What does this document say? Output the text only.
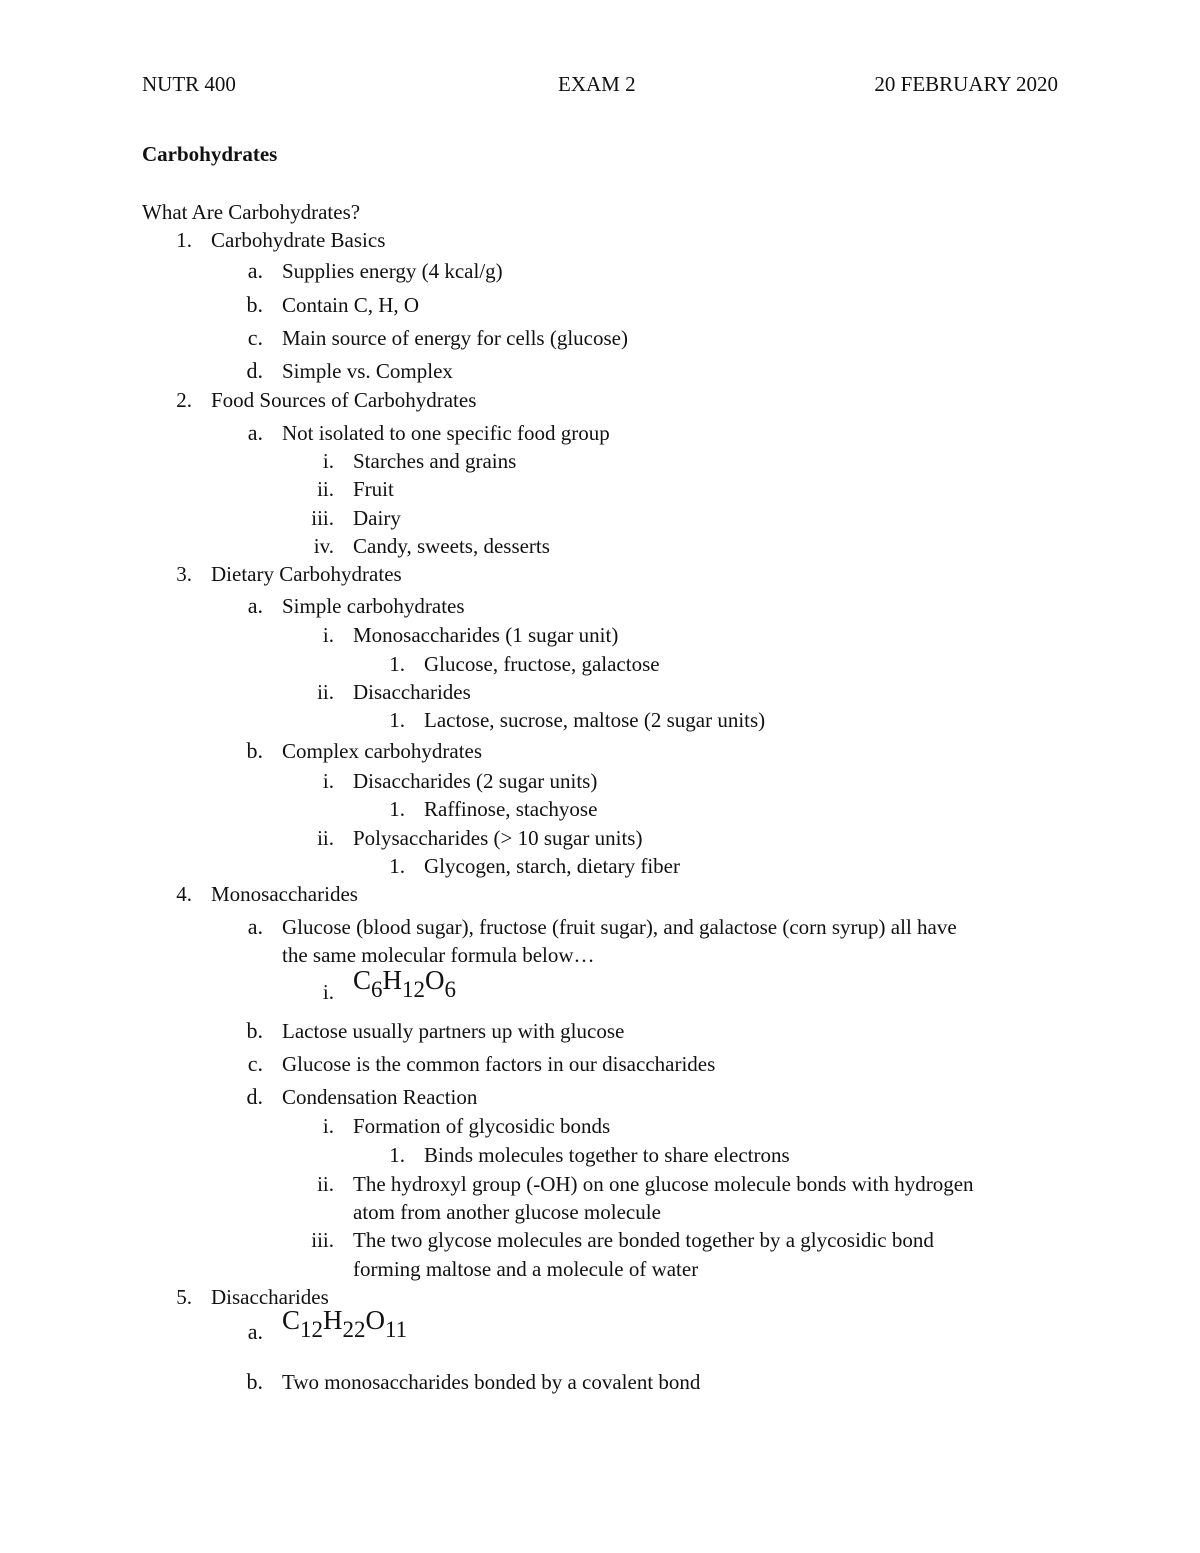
NUTR 400	EXAM 2	20 FEBRUARY 2020
Carbohydrates
What Are Carbohydrates?
1. Carbohydrate Basics
a. Supplies energy (4 kcal/g)
b. Contain C, H, O
c. Main source of energy for cells (glucose)
d. Simple vs. Complex
2. Food Sources of Carbohydrates
a. Not isolated to one specific food group
i. Starches and grains
ii. Fruit
iii. Dairy
iv. Candy, sweets, desserts
3. Dietary Carbohydrates
a. Simple carbohydrates
i. Monosaccharides (1 sugar unit)
1. Glucose, fructose, galactose
ii. Disaccharides
1. Lactose, sucrose, maltose (2 sugar units)
b. Complex carbohydrates
i. Disaccharides (2 sugar units)
1. Raffinose, stachyose
ii. Polysaccharides (> 10 sugar units)
1. Glycogen, starch, dietary fiber
4. Monosaccharides
a. Glucose (blood sugar), fructose (fruit sugar), and galactose (corn syrup) all have
the same molecular formula below…
i. $C_6H_{12}O_6$
b. Lactose usually partners up with glucose
c. Glucose is the common factors in our disaccharides
d. Condensation Reaction
i. Formation of glycosidic bonds
1. Binds molecules together to share electrons
ii. The hydroxyl group (-OH) on one glucose molecule bonds with hydrogen
atom from another glucose molecule
iii. The two glycose molecules are bonded together by a glycosidic bond
forming maltose and a molecule of water
5. Disaccharides
a. $C_{12}H_{22}O_{11}$
b. Two monosaccharides bonded by a covalent bond
